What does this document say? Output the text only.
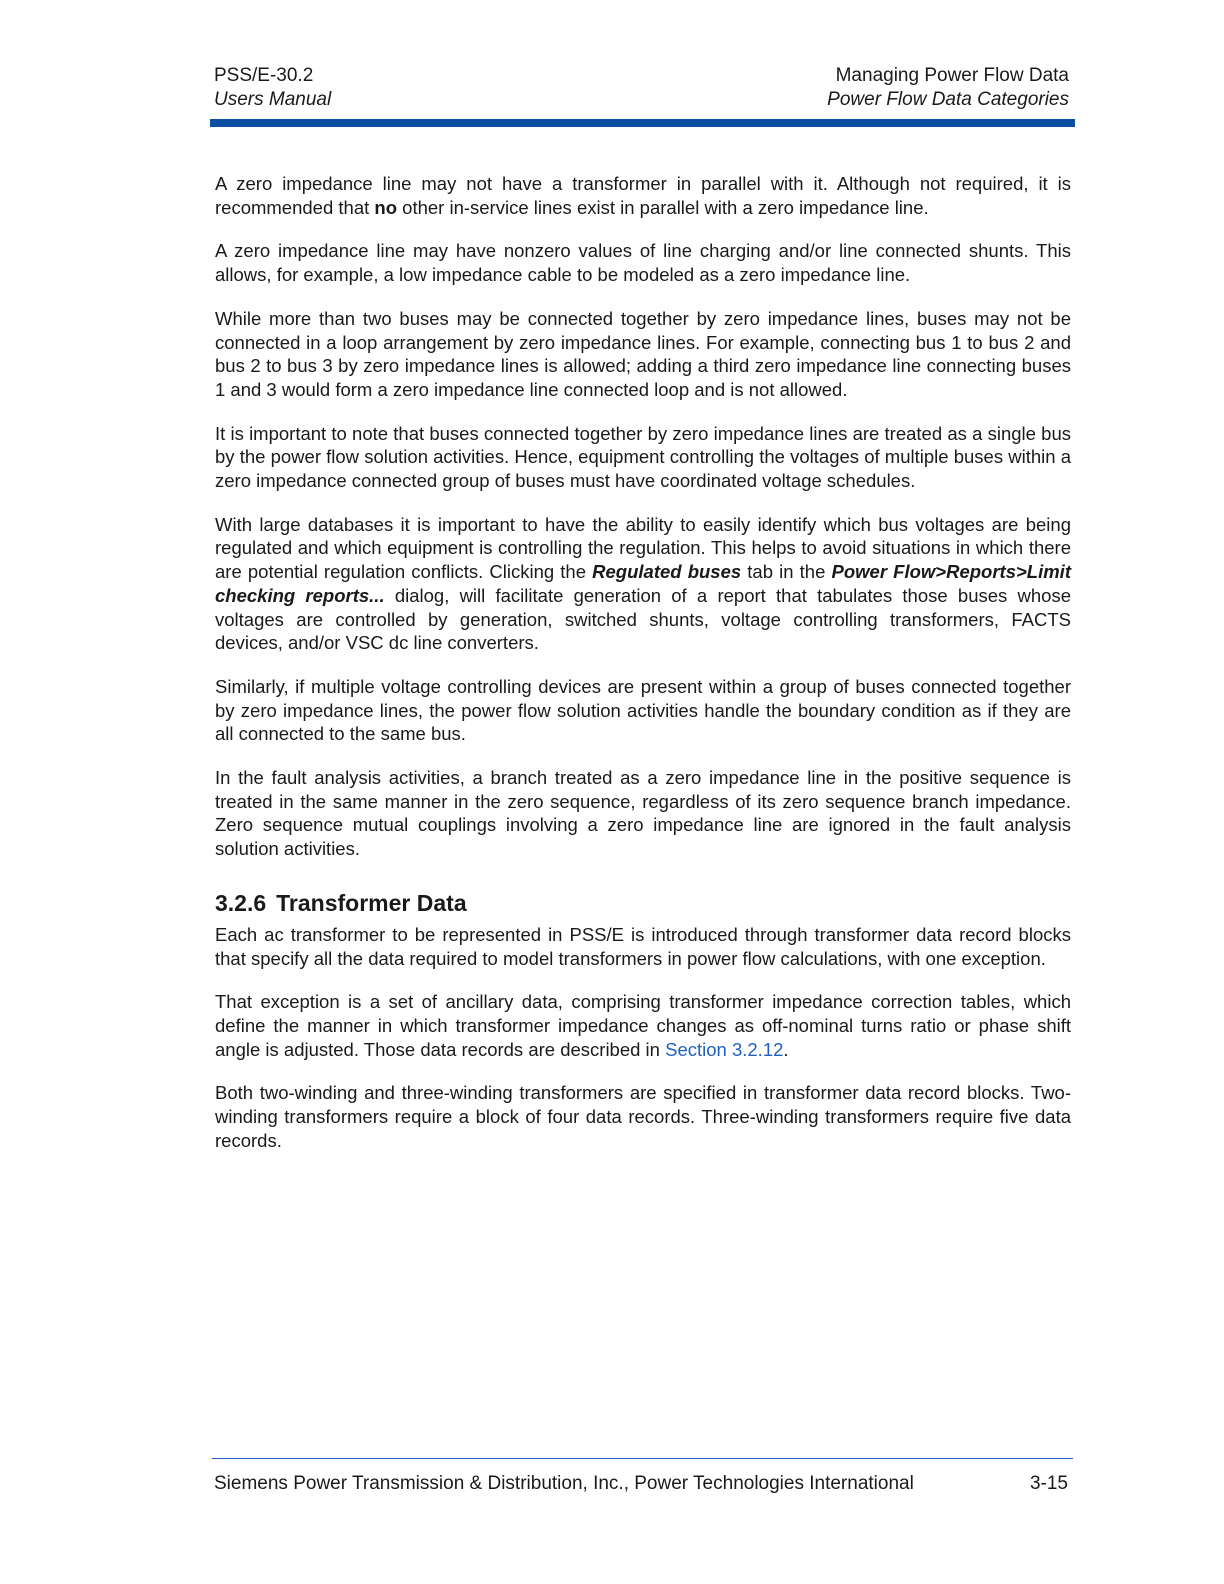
PSS/E-30.2
Users Manual
Managing Power Flow Data
Power Flow Data Categories

A zero impedance line may not have a transformer in parallel with it. Although not required, it is recommended that no other in-service lines exist in parallel with a zero impedance line.

A zero impedance line may have nonzero values of line charging and/or line connected shunts. This allows, for example, a low impedance cable to be modeled as a zero impedance line.

While more than two buses may be connected together by zero impedance lines, buses may not be connected in a loop arrangement by zero impedance lines. For example, connecting bus 1 to bus 2 and bus 2 to bus 3 by zero impedance lines is allowed; adding a third zero impedance line connecting buses 1 and 3 would form a zero impedance line connected loop and is not allowed.

It is important to note that buses connected together by zero impedance lines are treated as a single bus by the power flow solution activities. Hence, equipment controlling the voltages of multiple buses within a zero impedance connected group of buses must have coordinated voltage schedules.

With large databases it is important to have the ability to easily identify which bus voltages are being regulated and which equipment is controlling the regulation. This helps to avoid situations in which there are potential regulation conflicts. Clicking the Regulated buses tab in the Power Flow>Reports>Limit checking reports... dialog, will facilitate generation of a report that tabulates those buses whose voltages are controlled by generation, switched shunts, voltage controlling transformers, FACTS devices, and/or VSC dc line converters.

Similarly, if multiple voltage controlling devices are present within a group of buses connected together by zero impedance lines, the power flow solution activities handle the boundary condition as if they are all connected to the same bus.

In the fault analysis activities, a branch treated as a zero impedance line in the positive sequence is treated in the same manner in the zero sequence, regardless of its zero sequence branch impedance. Zero sequence mutual couplings involving a zero impedance line are ignored in the fault analysis solution activities.

3.2.6 Transformer Data

Each ac transformer to be represented in PSS/E is introduced through transformer data record blocks that specify all the data required to model transformers in power flow calculations, with one exception.

That exception is a set of ancillary data, comprising transformer impedance correction tables, which define the manner in which transformer impedance changes as off-nominal turns ratio or phase shift angle is adjusted. Those data records are described in Section 3.2.12.

Both two-winding and three-winding transformers are specified in transformer data record blocks. Two-winding transformers require a block of four data records. Three-winding transformers require five data records.

Siemens Power Transmission & Distribution, Inc., Power Technologies International	3-15
